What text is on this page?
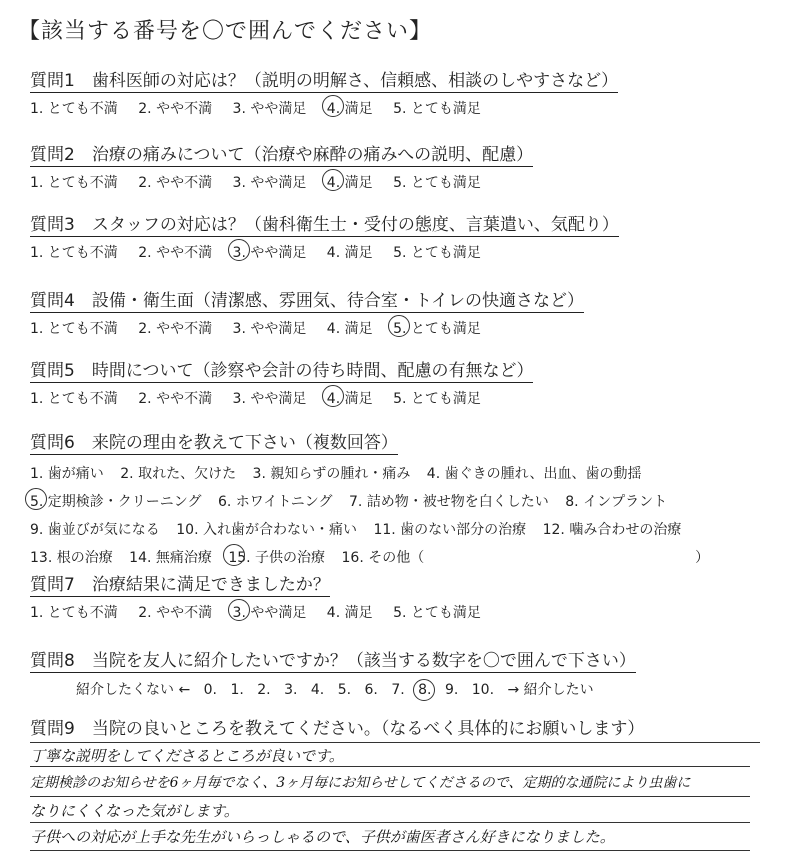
【該当する番号を〇で囲んでください】
質問1　歯科医師の対応は？（説明の明解さ、信頼感、相談のしやすさなど）
1. とても不満 2. やや不満 3. やや満足 4. 満足 5. とても満足
質問2　治療の痛みについて（治療や麻酔の痛みへの説明、配慮）
1. とても不満 2. やや不満 3. やや満足 4. 満足 5. とても満足
質問3　スタッフの対応は？（歯科衛生士・受付の態度、言葉遣い、気配り）
1. とても不満 2. やや不満 3. やや満足 4. 満足 5. とても満足
質問4　設備・衛生面（清潔感、雰囲気、待合室・トイレの快適さなど）
1. とても不満 2. やや不満 3. やや満足 4. 満足 5. とても満足
質問5　時間について（診察や会計の待ち時間、配慮の有無など）
1. とても不満 2. やや不満 3. やや満足 4. 満足 5. とても満足
質問6　来院の理由を教えて下さい（複数回答）
1. 歯が痛い 2. 取れた、欠けた 3. 親知らずの腫れ・痛み 4. 歯ぐきの腫れ、出血、歯の動揺
5. 定期検診・クリーニング 6. ホワイトニング 7. 詰め物・被せ物を白くしたい 8. インプラント
9. 歯並びが気になる 10. 入れ歯が合わない・痛い 11. 歯のない部分の治療 12. 噛み合わせの治療
13. 根の治療 14. 無痛治療 15. 子供の治療 16. その他（	）
質問7　治療結果に満足できましたか？
1. とても不満 2. やや不満 3. やや満足 4. 満足 5. とても満足
質問8　当院を友人に紹介したいですか？（該当する数字を〇で囲んで下さい）
紹介したくない ← 0. 1. 2. 3. 4. 5. 6. 7. 8. 9. 10. → 紹介したい
質問9　当院の良いところを教えてください。（なるべく具体的にお願いします）
丁寧な説明をしてくださるところが良いです。
定期検診のお知らせを6ヶ月毎でなく、3ヶ月毎にお知らせしてくださるので、定期的な通院により虫歯に
なりにくくなった気がします。
子供への対応が上手な先生がいらっしゃるので、子供が歯医者さん好きになりました。
